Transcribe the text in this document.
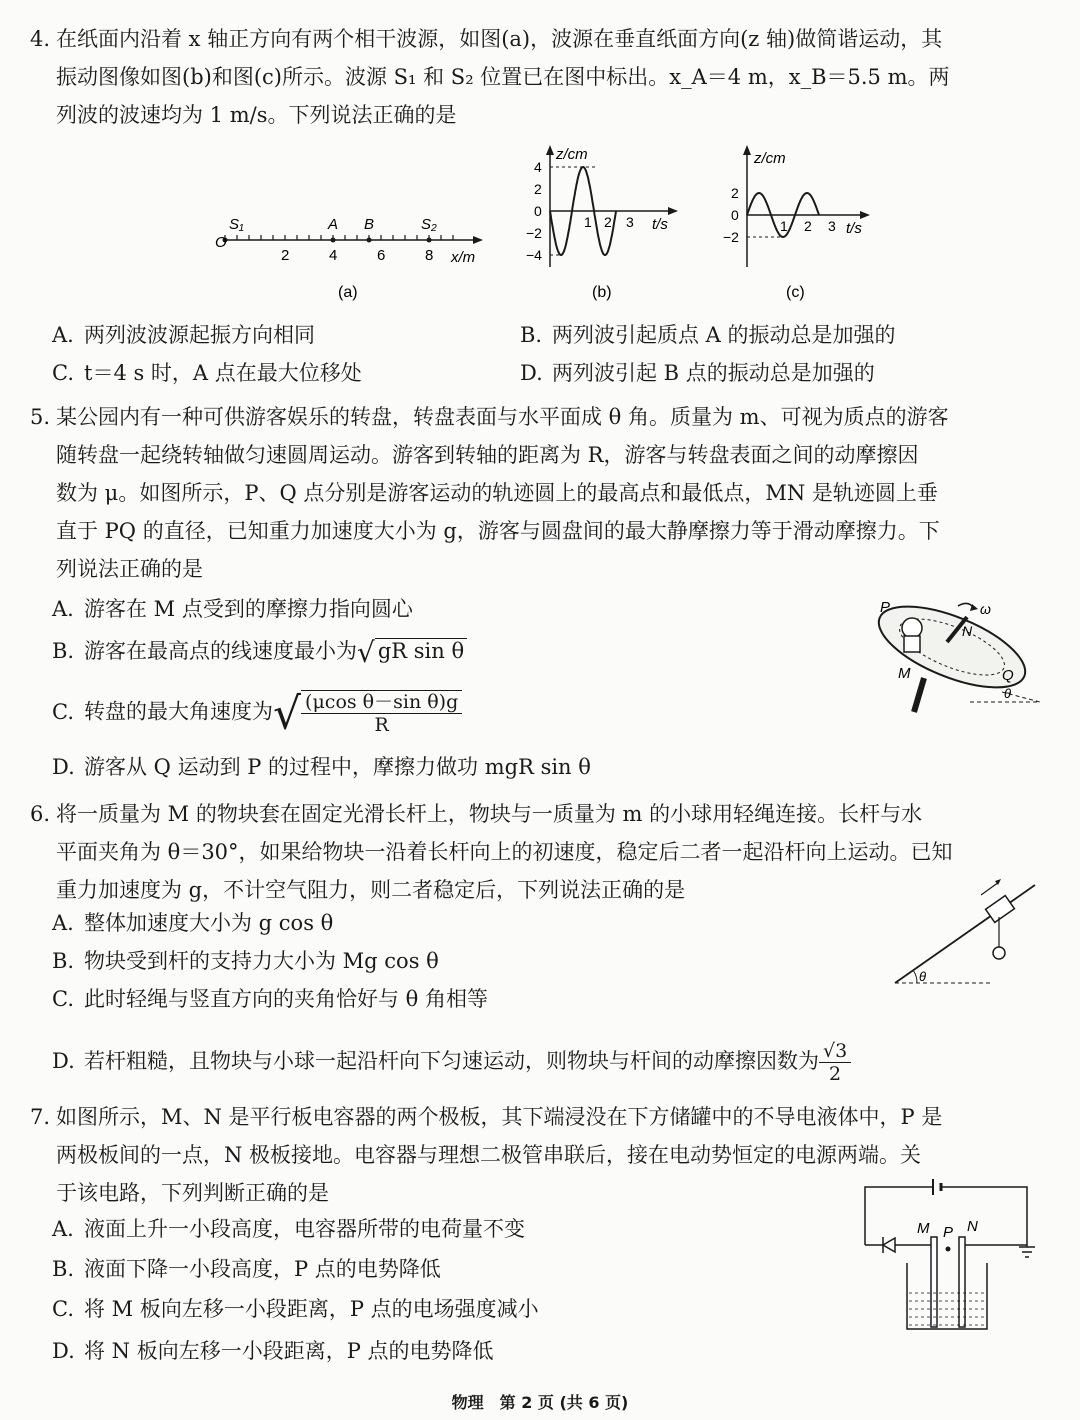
4. 在纸面内沿着 x 轴正方向有两个相干波源，如图(a)，波源在垂直纸面方向(z 轴)做简谐运动，其

振动图像如图(b)和图(c)所示。波源 S₁ 和 S₂ 位置已在图中标出。x_A＝4 m，x_B＝5.5 m。两

列波的波速均为 1 m/s。下列说法正确的是

S₁
O
A B	S₂
2	4	6	8 x/m
(a)
z/cm
4
2
0
−2
−4
1 2 3 t/s
(b)
z/cm
2
0
−2
1 2 3 t/s
(c)
A. 两列波波源起振方向相同	B. 两列波引起质点 A 的振动总是加强的
C. t＝4 s 时，A 点在最大位移处	D. 两列波引起 B 点的振动总是加强的

5. 某公园内有一种可供游客娱乐的转盘，转盘表面与水平面成 θ 角。质量为 m、可视为质点的游客

随转盘一起绕转轴做匀速圆周运动。游客到转轴的距离为 R，游客与转盘表面之间的动摩擦因

数为 μ。如图所示，P、Q 点分别是游客运动的轨迹圆上的最高点和最低点，MN 是轨迹圆上垂

直于 PQ 的直径，已知重力加速度大小为 g，游客与圆盘间的最大静摩擦力等于滑动摩擦力。下

列说法正确的是

A. 游客在 M 点受到的摩擦力指向圆心
B. 游客在最高点的线速度最小为√ gR sin θ
C. 转盘的最大角速度为√ $\frac{\text{(μcos θ－sin θ)g}}{R}$
D. 游客从 Q 运动到 P 的过程中，摩擦力做功 mgR sin θ
P
N
ω
M	Q
θ

6. 将一质量为 M 的物块套在固定光滑长杆上，物块与一质量为 m 的小球用轻绳连接。长杆与水

平面夹角为 θ＝30°，如果给物块一沿着长杆向上的初速度，稳定后二者一起沿杆向上运动。已知

重力加速度为 g，不计空气阻力，则二者稳定后，下列说法正确的是

A. 整体加速度大小为 g cos θ
B. 物块受到杆的支持力大小为 Mg cos θ
C. 此时轻绳与竖直方向的夹角恰好与 θ 角相等
D. 若杆粗糙，且物块与小球一起沿杆向下匀速运动，则物块与杆间的动摩擦因数为 $\frac{√3}{2}$
θ

7. 如图所示，M、N 是平行板电容器的两个极板，其下端浸没在下方储罐中的不导电液体中，P 是

两极板间的一点，N 极板接地。电容器与理想二极管串联后，接在电动势恒定的电源两端。关

于该电路，下列判断正确的是

A. 液面上升一小段高度，电容器所带的电荷量不变
B. 液面下降一小段高度，P 点的电势降低
C. 将 M 板向左移一小段距离，P 点的电场强度减小
D. 将 N 板向左移一小段距离，P 点的电势降低
M P N
物理　第 2 页 (共 6 页)
